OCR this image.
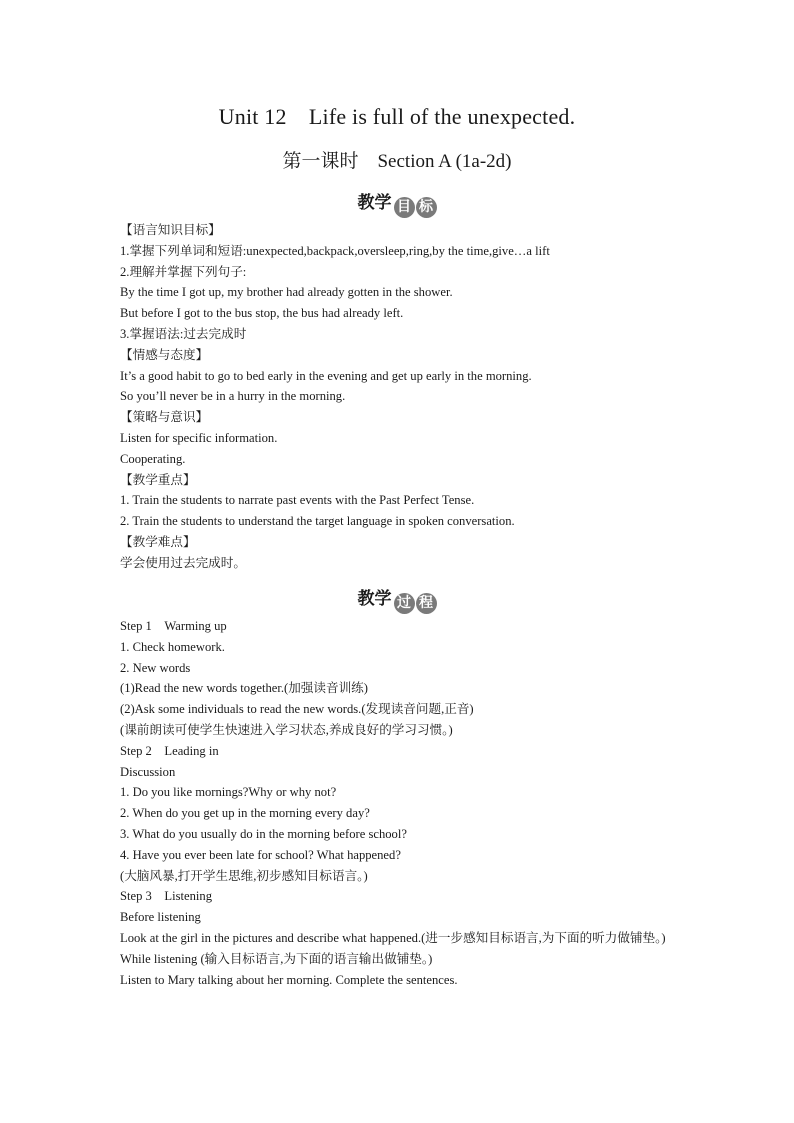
Unit 12　Life is full of the unexpected.
第一课时　Section A (1a-2d)
教学 目 标

【语言知识目标】

1.掌握下列单词和短语:unexpected,backpack,oversleep,ring,by the time,give…a lift

2.理解并掌握下列句子:

By the time I got up, my brother had already gotten in the shower.

But before I got to the bus stop, the bus had already left.

3.掌握语法:过去完成时

【情感与态度】

It’s a good habit to go to bed early in the evening and get up early in the morning.

So you’ll never be in a hurry in the morning.

【策略与意识】

Listen for specific information.

Cooperating.

【教学重点】

1. Train the students to narrate past events with the Past Perfect Tense.

2. Train the students to understand the target language in spoken conversation.

【教学难点】

学会使用过去完成时。

教学 过 程

Step 1　Warming up

1. Check homework.

2. New words

(1)Read the new words together.(加强读音训练)

(2)Ask some individuals to read the new words.(发现读音问题,正音)

(课前朗读可使学生快速进入学习状态,养成良好的学习习惯。)

Step 2　Leading in

Discussion

1. Do you like mornings?Why or why not?

2. When do you get up in the morning every day?

3. What do you usually do in the morning before school?

4. Have you ever been late for school? What happened?

(大脑风暴,打开学生思维,初步感知目标语言。)

Step 3　Listening

Before listening

Look at the girl in the pictures and describe what happened.(进一步感知目标语言,为下面的听力做铺垫。)

While listening (输入目标语言,为下面的语言输出做铺垫。)

Listen to Mary talking about her morning. Complete the sentences.
